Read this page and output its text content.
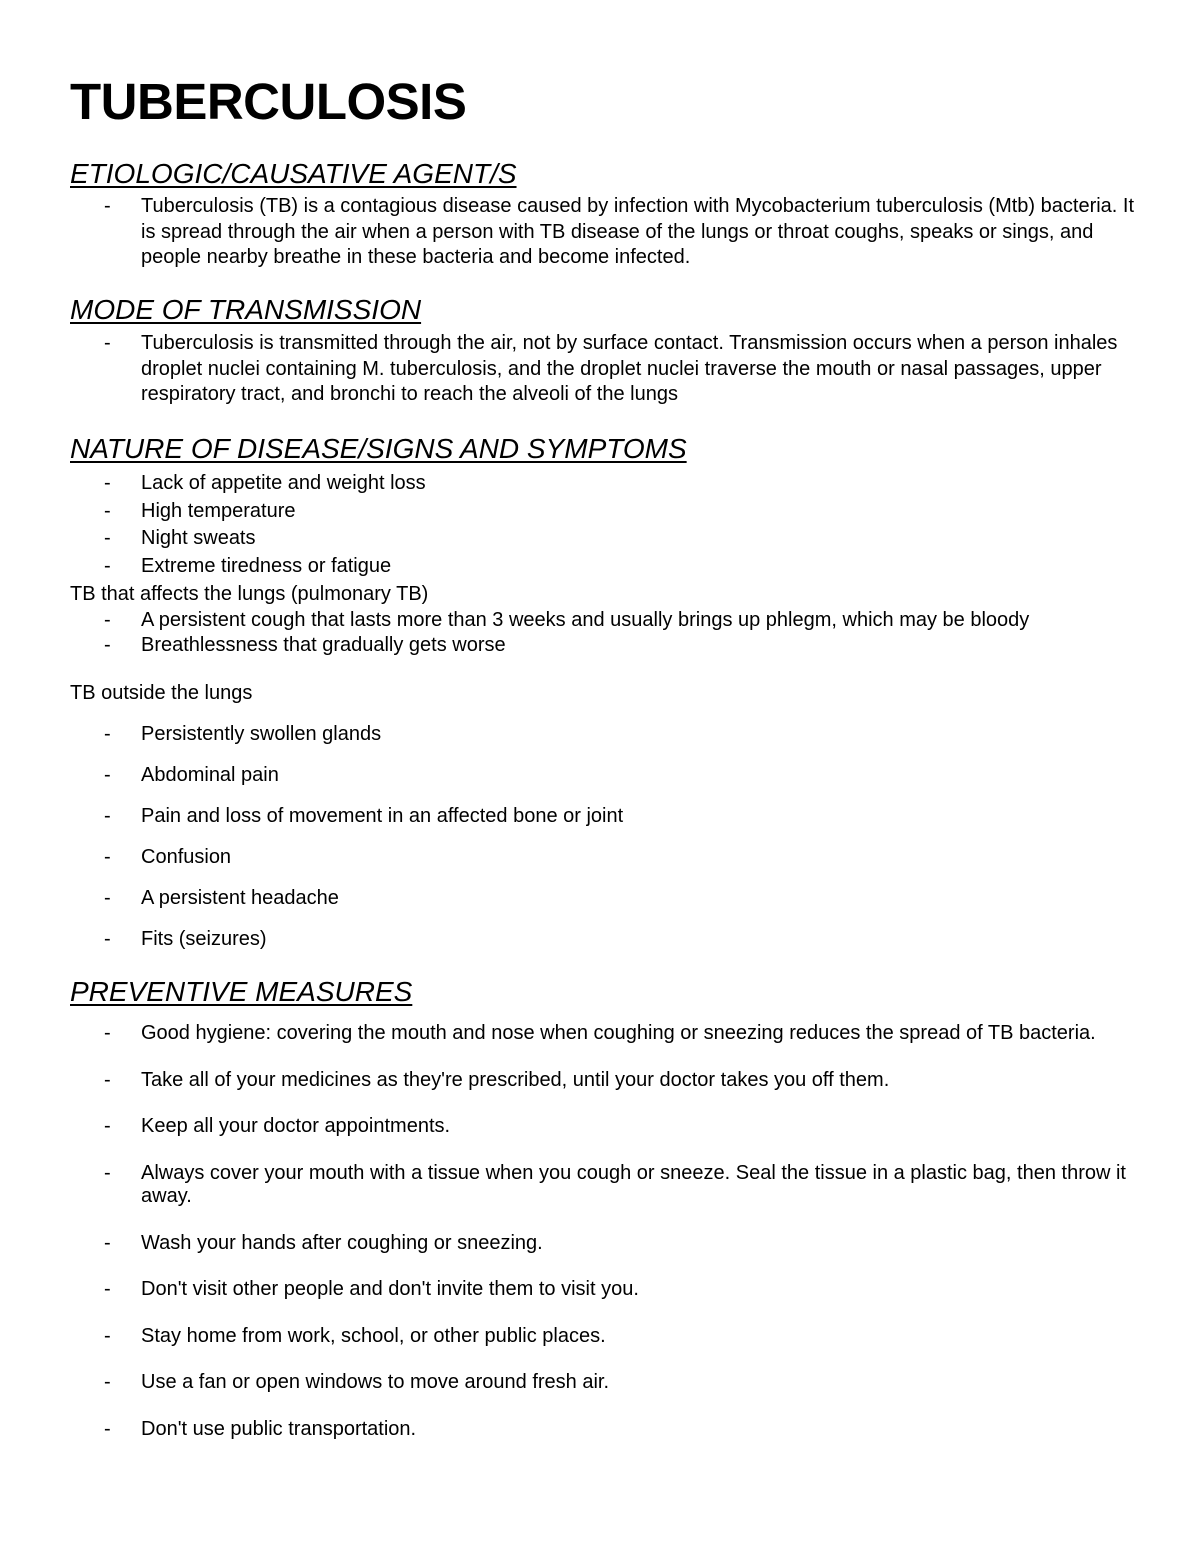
TUBERCULOSIS
ETIOLOGIC/CAUSATIVE AGENT/S
- Tuberculosis (TB) is a contagious disease caused by infection with Mycobacterium tuberculosis (Mtb) bacteria. It is spread through the air when a person with TB disease of the lungs or throat coughs, speaks or sings, and people nearby breathe in these bacteria and become infected.
MODE OF TRANSMISSION
- Tuberculosis is transmitted through the air, not by surface contact. Transmission occurs when a person inhales droplet nuclei containing M. tuberculosis, and the droplet nuclei traverse the mouth or nasal passages, upper respiratory tract, and bronchi to reach the alveoli of the lungs
NATURE OF DISEASE/SIGNS AND SYMPTOMS
- Lack of appetite and weight loss
- High temperature
- Night sweats
- Extreme tiredness or fatigue

TB that affects the lungs (pulmonary TB)

- A persistent cough that lasts more than 3 weeks and usually brings up phlegm, which may be bloody
- Breathlessness that gradually gets worse

TB outside the lungs

- Persistently swollen glands
- Abdominal pain
- Pain and loss of movement in an affected bone or joint
- Confusion
- A persistent headache
- Fits (seizures)
PREVENTIVE MEASURES
- Good hygiene: covering the mouth and nose when coughing or sneezing reduces the spread of TB bacteria.
- Take all of your medicines as they're prescribed, until your doctor takes you off them.
- Keep all your doctor appointments.
- Always cover your mouth with a tissue when you cough or sneeze. Seal the tissue in a plastic bag, then throw it away.
- Wash your hands after coughing or sneezing.
- Don't visit other people and don't invite them to visit you.
- Stay home from work, school, or other public places.
- Use a fan or open windows to move around fresh air.
- Don't use public transportation.
